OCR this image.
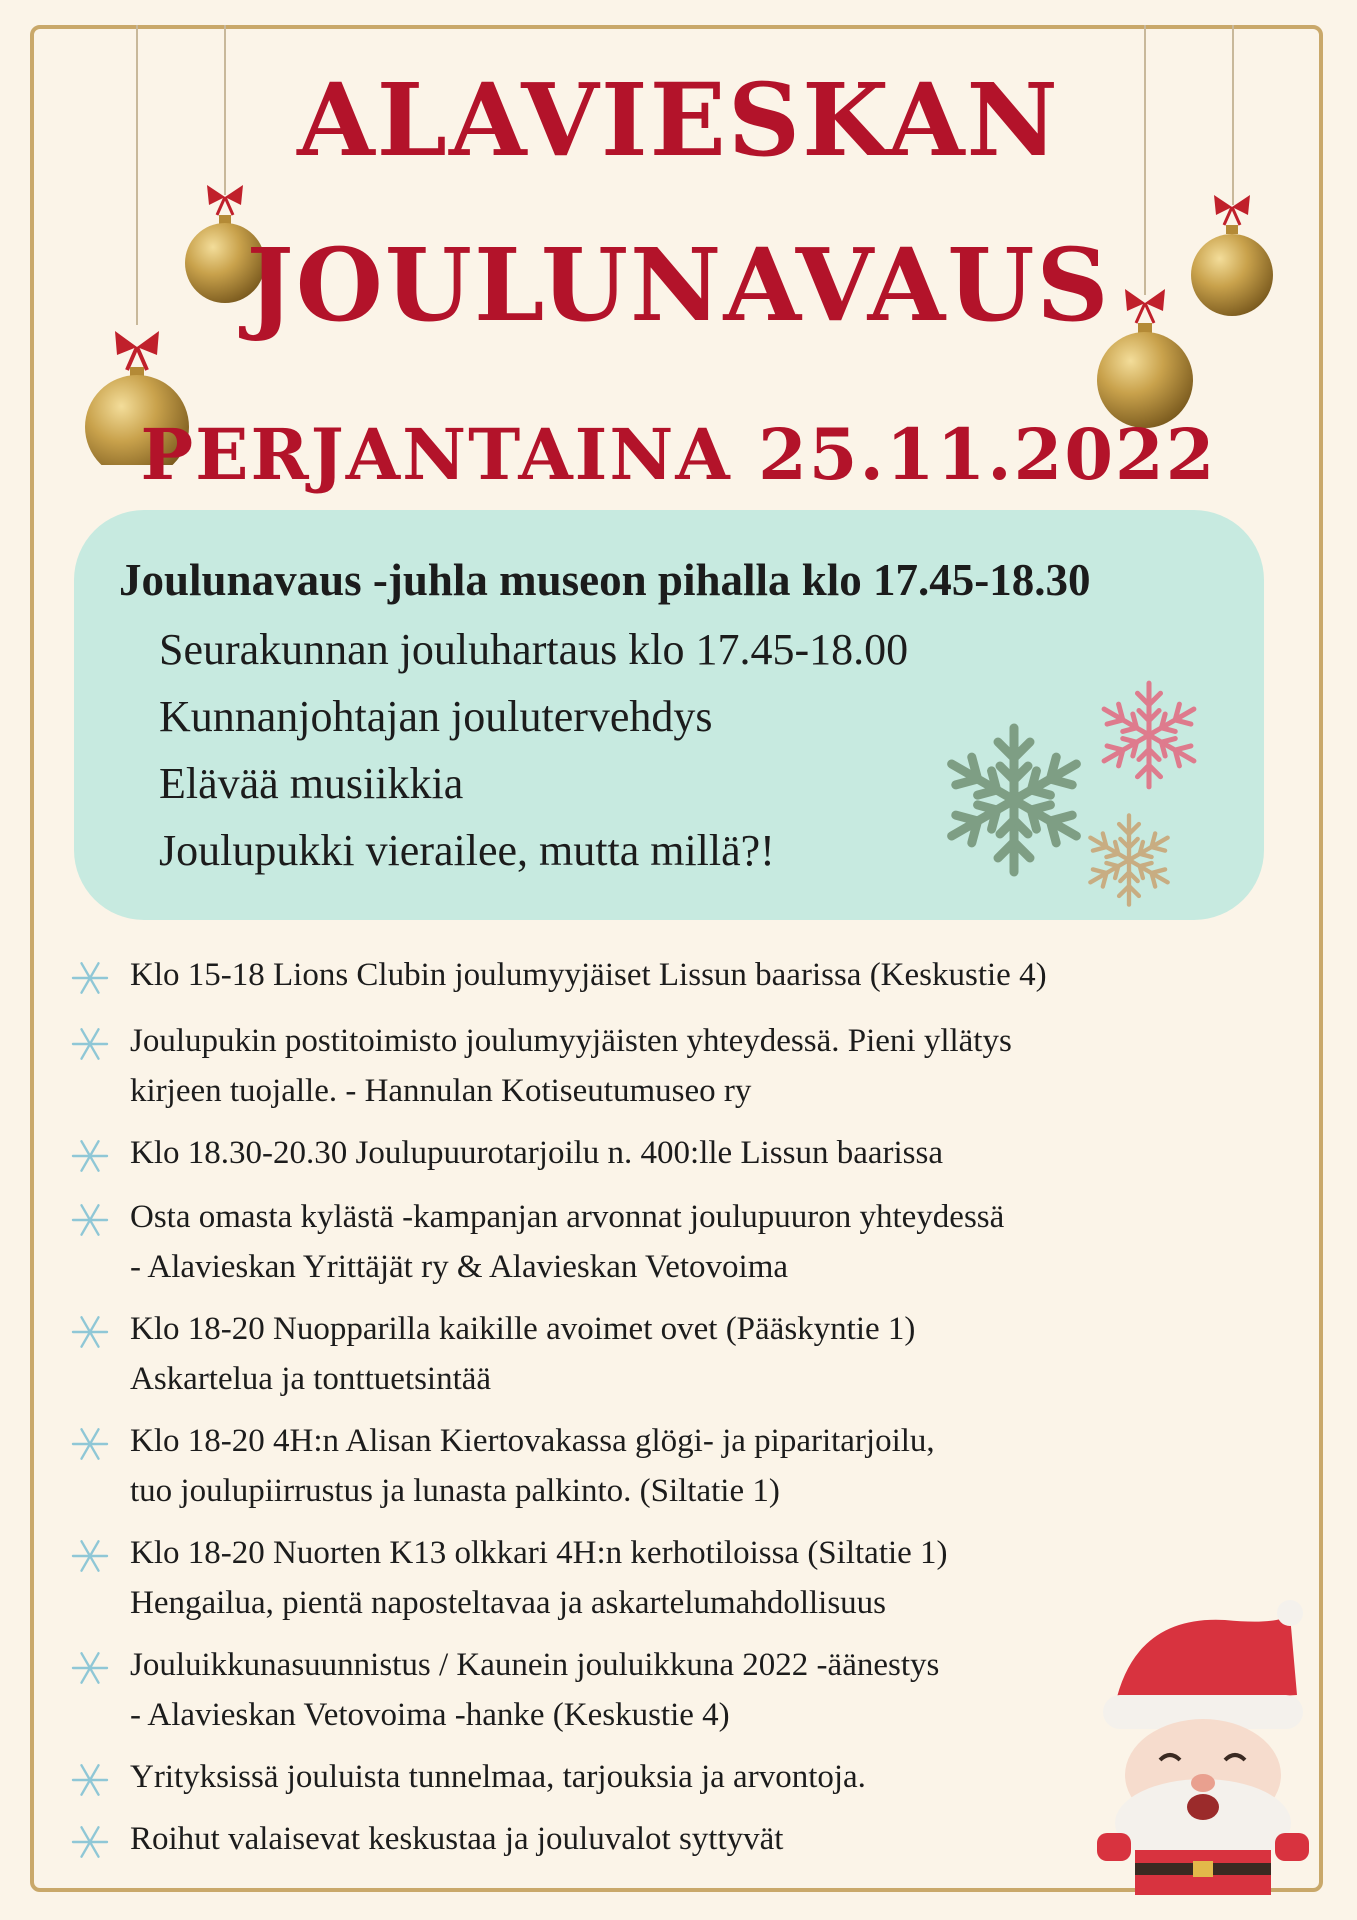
ALAVIESKAN
JOULUNAVAUS
PERJANTAINA 25.11.2022
Joulunavaus -juhla museon pihalla klo 17.45-18.30

Seurakunnan jouluhartaus klo 17.45-18.00

Kunnanjohtajan joulutervehdys

Elävää musiikkia

Joulupukki vierailee, mutta millä?!

Klo 15-18 Lions Clubin joulumyyjäiset Lissun baarissa (Keskustie 4)
Joulupukin postitoimisto joulumyyjäisten yhteydessä. Pieni yllätys
kirjeen tuojalle. - Hannulan Kotiseutumuseo ry
Klo 18.30-20.30 Joulupuurotarjoilu n. 400:lle Lissun baarissa
Osta omasta kylästä -kampanjan arvonnat joulupuuron yhteydessä
- Alavieskan Yrittäjät ry & Alavieskan Vetovoima
Klo 18-20 Nuopparilla kaikille avoimet ovet (Pääskyntie 1)
Askartelua ja tonttuetsintää
Klo 18-20 4H:n Alisan Kiertovakassa glögi- ja piparitarjoilu,
tuo joulupiirrustus ja lunasta palkinto. (Siltatie 1)
Klo 18-20 Nuorten K13 olkkari 4H:n kerhotiloissa (Siltatie 1)
Hengailua, pientä naposteltavaa ja askartelumahdollisuus
Jouluikkunasuunnistus / Kaunein jouluikkuna 2022 -äänestys
- Alavieskan Vetovoima -hanke (Keskustie 4)
Yrityksissä jouluista tunnelmaa, tarjouksia ja arvontoja.
Roihut valaisevat keskustaa ja jouluvalot syttyvät
